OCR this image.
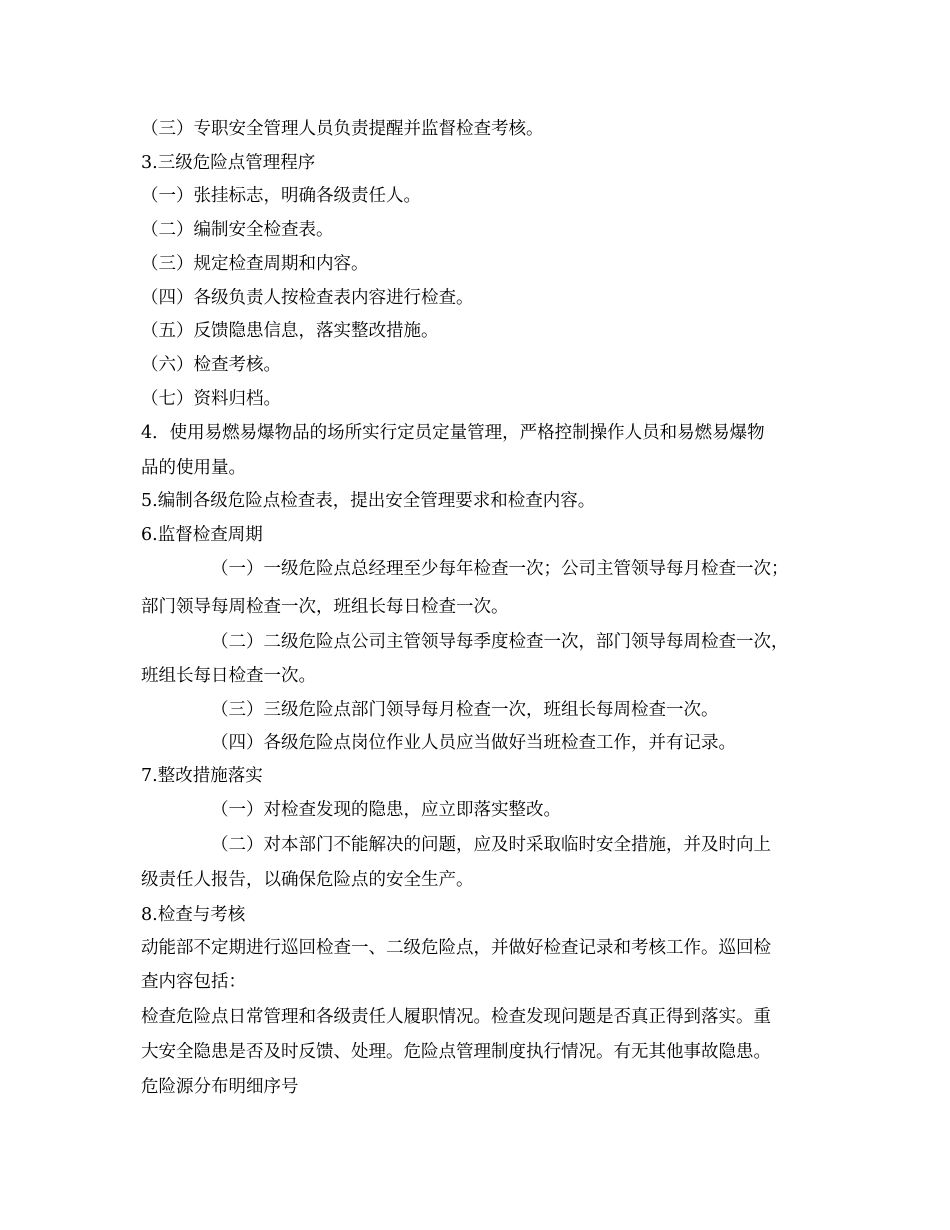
（三）专职安全管理人员负责提醒并监督检查考核。
3.三级危险点管理程序
（一）张挂标志，明确各级责任人。
（二）编制安全检查表。
（三）规定检查周期和内容。
（四）各级负责人按检查表内容进行检查。
（五）反馈隐患信息，落实整改措施。
（六）检查考核。
（七）资料归档。
4．使用易燃易爆物品的场所实行定员定量管理，严格控制操作人员和易燃易爆物
品的使用量。
5.编制各级危险点检查表，提出安全管理要求和检查内容。
6.监督检查周期
（一）一级危险点总经理至少每年检查一次；公司主管领导每月检查一次；
部门领导每周检查一次，班组长每日检查一次。
（二）二级危险点公司主管领导每季度检查一次，部门领导每周检查一次，
班组长每日检查一次。
（三）三级危险点部门领导每月检查一次，班组长每周检查一次。
（四）各级危险点岗位作业人员应当做好当班检查工作，并有记录。
7.整改措施落实
（一）对检查发现的隐患，应立即落实整改。
（二）对本部门不能解决的问题，应及时采取临时安全措施，并及时向上
级责任人报告，以确保危险点的安全生产。
8.检查与考核
动能部不定期进行巡回检查一、二级危险点，并做好检查记录和考核工作。巡回检
查内容包括：
检查危险点日常管理和各级责任人履职情况。检查发现问题是否真正得到落实。重
大安全隐患是否及时反馈、处理。危险点管理制度执行情况。有无其他事故隐患。
危险源分布明细序号
